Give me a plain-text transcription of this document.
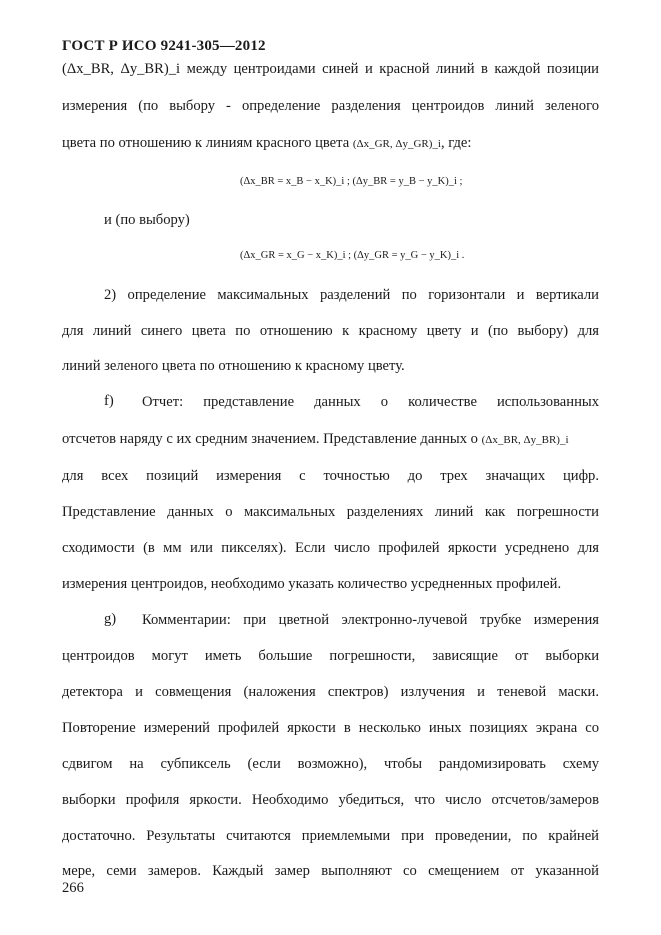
ГОСТ Р ИСО 9241-305—2012
(Δx_BR, Δy_BR)_i между центроидами синей и красной линий в каждой позиции
измерения (по выбору - определение разделения центроидов линий зеленого
цвета по отношению к линиям красного цвета (Δx_GR, Δy_GR)_i, где:
(Δx_BR = x_B − x_K)_i ; (Δy_BR = y_B − y_K)_i ;
и (по выбору)
(Δx_GR = x_G − x_K)_i ; (Δy_GR = y_G − y_K)_i .
2) определение максимальных разделений по горизонтали и вертикали
для линий синего цвета по отношению к красному цвету и (по выбору) для
линий зеленого цвета по отношению к красному цвету.
f) Отчет: представление данных о количестве использованных
отсчетов наряду с их средним значением. Представление данных о (Δx_BR, Δy_BR)_i
для всех позиций измерения с точностью до трех значащих цифр.
Представление данных о максимальных разделениях линий как погрешности
сходимости (в мм или пикселях). Если число профилей яркости усреднено для
измерения центроидов, необходимо указать количество усредненных профилей.
g) Комментарии: при цветной электронно-лучевой трубке измерения
центроидов могут иметь большие погрешности, зависящие от выборки
детектора и совмещения (наложения спектров) излучения и теневой маски.
Повторение измерений профилей яркости в несколько иных позициях экрана со
сдвигом на субпиксель (если возможно), чтобы рандомизировать схему
выборки профиля яркости. Необходимо убедиться, что число отсчетов/замеров
достаточно. Результаты считаются приемлемыми при проведении, по крайней
мере, семи замеров. Каждый замер выполняют со смещением от указанной
266
